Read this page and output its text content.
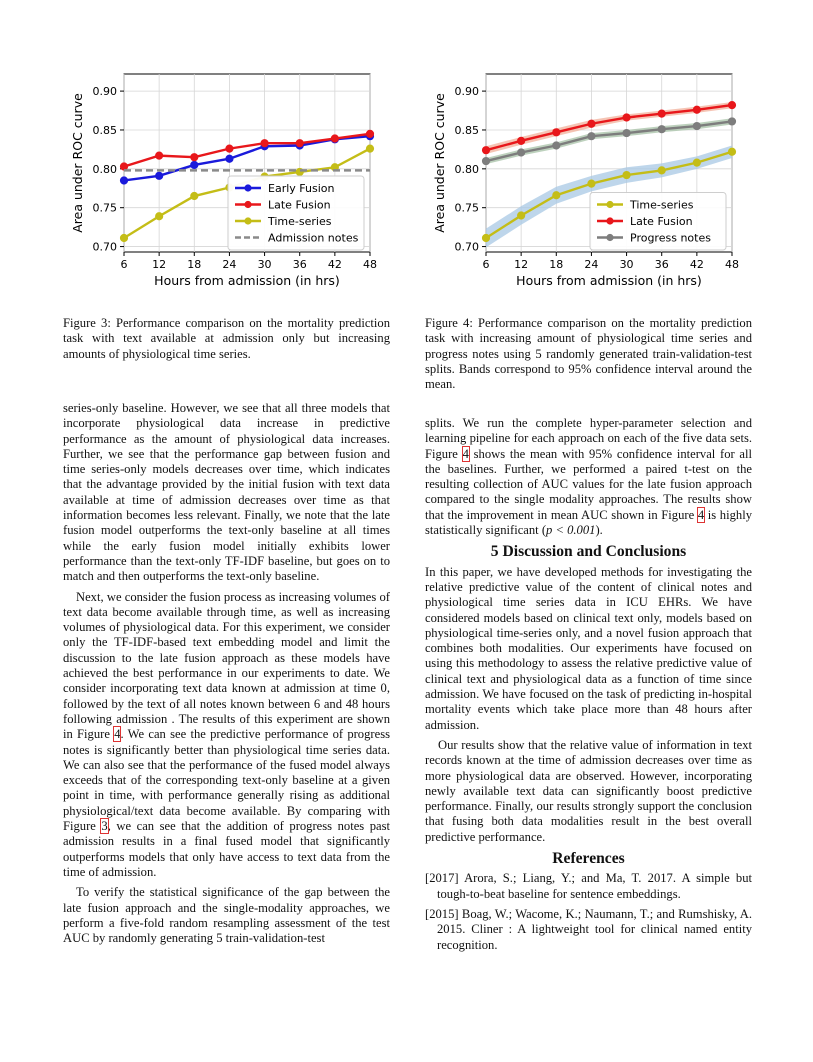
6 12 18 24 30 36 42 48
0.70
0.75
0.80
0.85
0.90
Hours from admission (in hrs)
Area under ROC curve	Early Fusion
Late Fusion
Time-series
Admission notes
Figure 3: Performance comparison on the mortality prediction task with text available at admission only but increasing amounts of physiological time series.
6 12 18 24 30 36 42 48
0.70
0.75
0.80
0.85
0.90
Hours from admission (in hrs)
Area under ROC curve	Time-series
Late Fusion
Progress notes
Figure 4: Performance comparison on the mortality prediction task with increasing amount of physiological time series and progress notes using 5 randomly generated train-validation-test splits. Bands correspond to 95% confidence interval around the mean.

series-only baseline. However, we see that all three models that incorporate physiological data increase in predictive performance as the amount of physiological data increases. Further, we see that the performance gap between fusion and time series-only models decreases over time, which indicates that the advantage provided by the initial fusion with text data available at time of admission decreases over time as that information becomes less relevant. Finally, we note that the late fusion model outperforms the text-only baseline at all times while the early fusion model initially exhibits lower performance than the text-only TF-IDF baseline, but goes on to match and then outperforms the text-only baseline.

Next, we consider the fusion process as increasing volumes of text data become available through time, as well as increasing volumes of physiological data. For this experiment, we consider only the TF-IDF-based text embedding model and limit the discussion to the late fusion approach as these models have achieved the best performance in our experiments to date. We consider incorporating text data known at admission at time 0, followed by the text of all notes known between 6 and 48 hours following admission . The results of this experiment are shown in Figure 4. We can see the predictive performance of progress notes is significantly better than physiological time series data. We can also see that the performance of the fused model always exceeds that of the corresponding text-only baseline at a given point in time, with performance generally rising as additional physiological/text data become available. By comparing with Figure 3, we can see that the addition of progress notes past admission results in a final fused model that significantly outperforms models that only have access to text data from the time of admission.

To verify the statistical significance of the gap between the late fusion approach and the single-modality approaches, we perform a five-fold random resampling assessment of the test AUC by randomly generating 5 train-validation-test

splits. We run the complete hyper-parameter selection and learning pipeline for each approach on each of the five data sets. Figure 4 shows the mean with 95% confidence interval for all the baselines. Further, we performed a paired t-test on the resulting collection of AUC values for the late fusion approach compared to the single modality approaches. The results show that the improvement in mean AUC shown in Figure 4 is highly statistically significant (p < 0.001).

5 Discussion and Conclusions

In this paper, we have developed methods for investigating the relative predictive value of the content of clinical notes and physiological time series data in ICU EHRs. We have considered models based on clinical text only, models based on physiological time-series only, and a novel fusion approach that combines both modalities. Our experiments have focused on using this methodology to assess the relative predictive value of clinical text and physiological data as a function of time since admission. We have focused on the task of predicting in-hospital mortality events which take place more than 48 hours after admission.

Our results show that the relative value of information in text records known at the time of admission decreases over time as more physiological data are observed. However, incorporating newly available text data can significantly boost predictive performance. Finally, our results strongly support the conclusion that fusing both data modalities result in the best overall predictive performance.

References

[2017] Arora, S.; Liang, Y.; and Ma, T. 2017. A simple but tough-to-beat baseline for sentence embeddings.

[2015] Boag, W.; Wacome, K.; Naumann, T.; and Rumshisky, A. 2015. Cliner : A lightweight tool for clinical named entity recognition.
